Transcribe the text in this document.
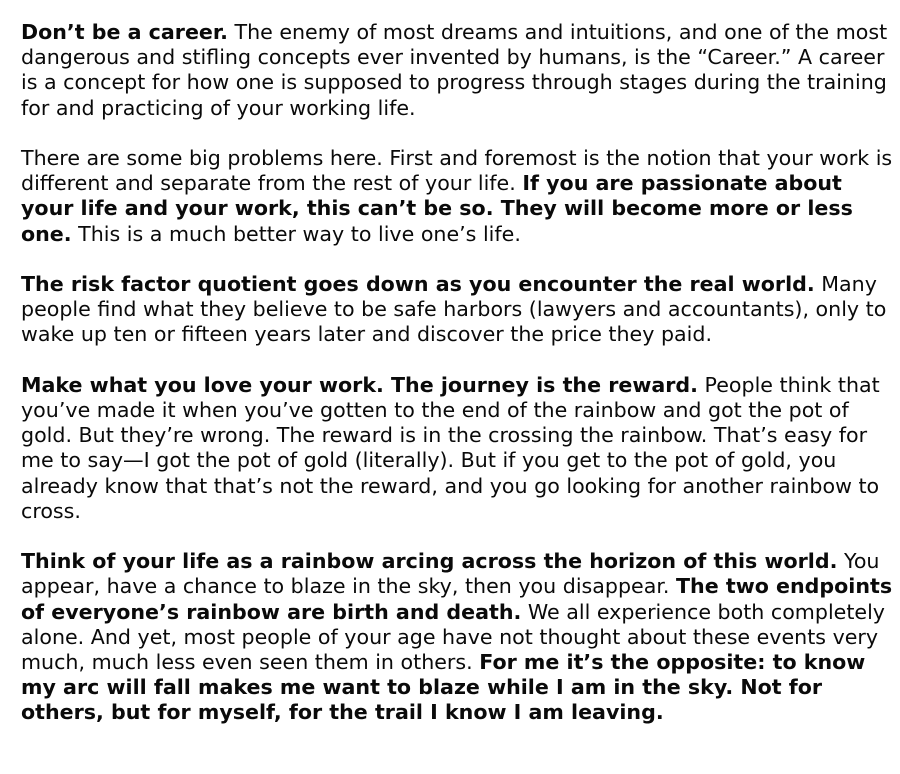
Don’t be a career. The enemy of most dreams and intuitions, and one of the most dangerous and stifling concepts ever invented by humans, is the “Career.” A career is a concept for how one is supposed to progress through stages during the training for and practicing of your working life.

There are some big problems here. First and foremost is the notion that your work is different and separate from the rest of your life. If you are passionate about your life and your work, this can’t be so. They will become more or less one. This is a much better way to live one’s life.

The risk factor quotient goes down as you encounter the real world. Many people find what they believe to be safe harbors (lawyers and accountants), only to wake up ten or fifteen years later and discover the price they paid.

Make what you love your work. The journey is the reward. People think that you’ve made it when you’ve gotten to the end of the rainbow and got the pot of gold. But they’re wrong. The reward is in the crossing the rainbow. That’s easy for me to say—I got the pot of gold (literally). But if you get to the pot of gold, you already know that that’s not the reward, and you go looking for another rainbow to cross.

Think of your life as a rainbow arcing across the horizon of this world. You appear, have a chance to blaze in the sky, then you disappear. The two endpoints of everyone’s rainbow are birth and death. We all experience both completely alone. And yet, most people of your age have not thought about these events very much, much less even seen them in others. For me it’s the opposite: to know my arc will fall makes me want to blaze while I am in the sky. Not for others, but for myself, for the trail I know I am leaving.
